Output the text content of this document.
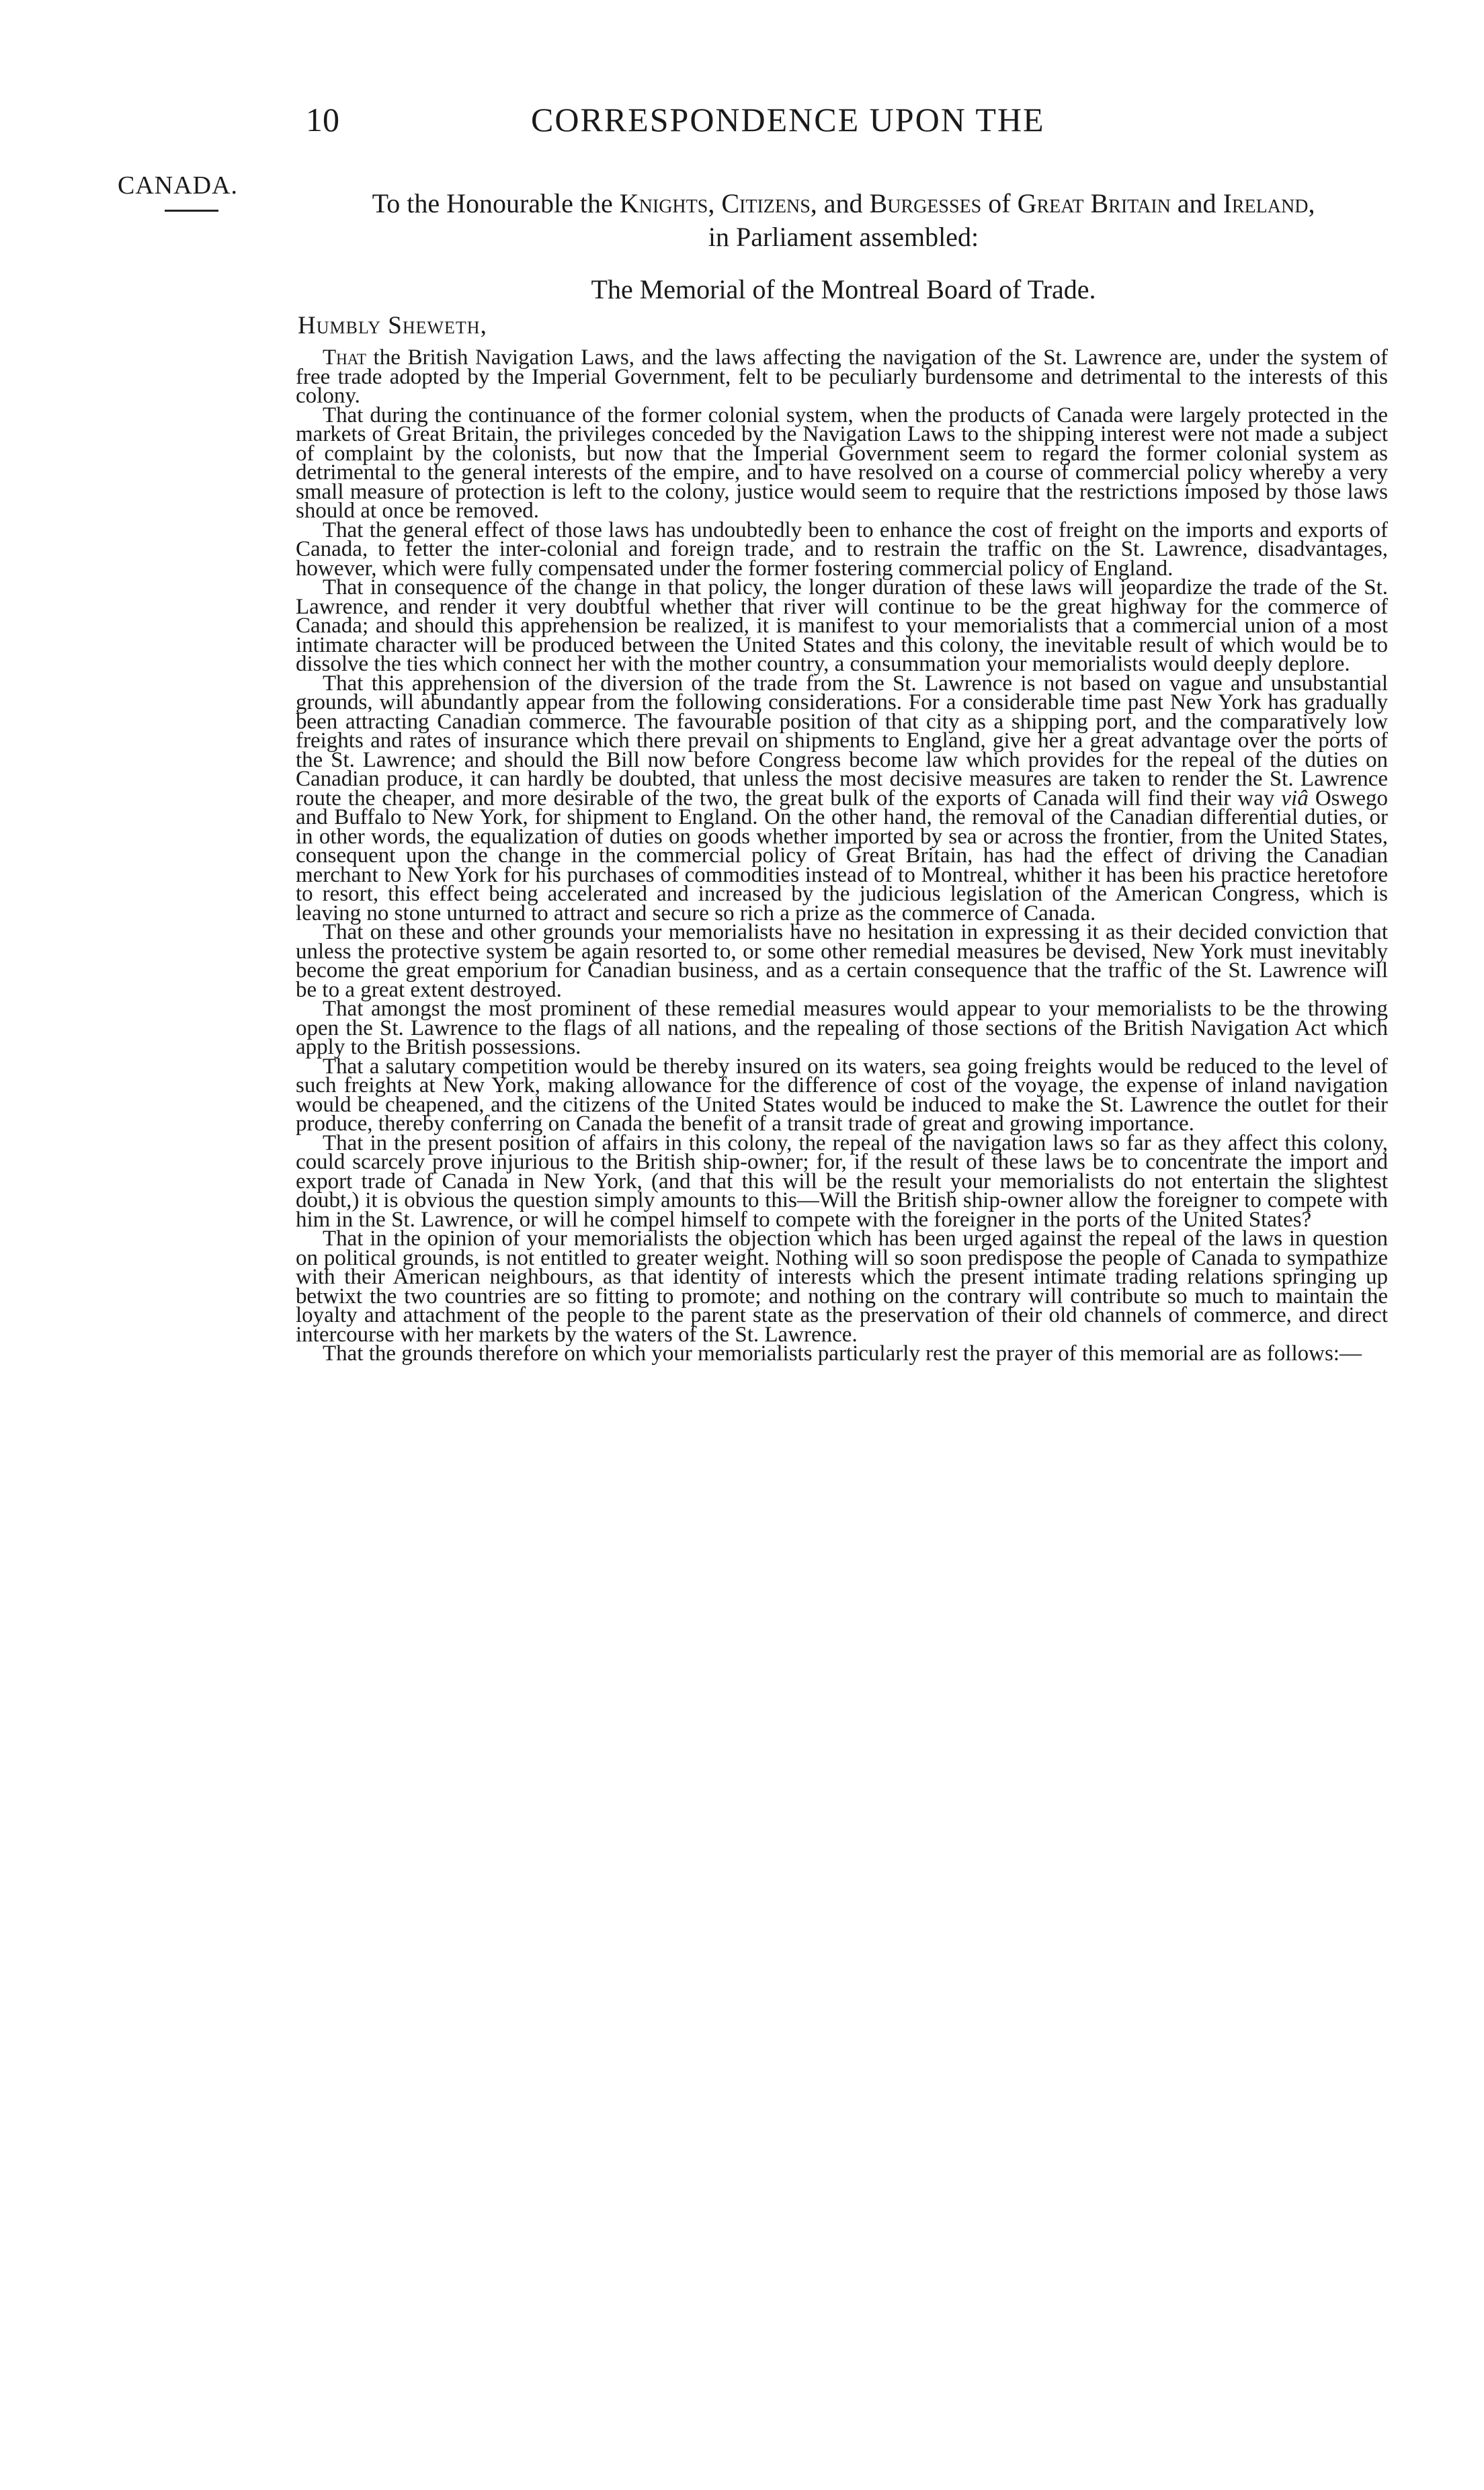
10	CORRESPONDENCE UPON THE
CANADA.
To the Honourable the Knights, Citizens, and Burgesses of Great Britain and Ireland,
in Parliament assembled:
The Memorial of the Montreal Board of Trade.
Humbly Sheweth,

That the British Navigation Laws, and the laws affecting the navigation of the St. Lawrence are, under the system of free trade adopted by the Imperial Government, felt to be peculiarly burdensome and detrimental to the interests of this colony.

That during the continuance of the former colonial system, when the products of Canada were largely protected in the markets of Great Britain, the privileges conceded by the Navigation Laws to the shipping interest were not made a subject of complaint by the colonists, but now that the Imperial Government seem to regard the former colonial system as detrimental to the general interests of the empire, and to have resolved on a course of commercial policy whereby a very small measure of protection is left to the colony, justice would seem to require that the restrictions imposed by those laws should at once be removed.

That the general effect of those laws has undoubtedly been to enhance the cost of freight on the imports and exports of Canada, to fetter the inter-colonial and foreign trade, and to restrain the traffic on the St. Lawrence, disadvantages, however, which were fully compensated under the former fostering commercial policy of England.

That in consequence of the change in that policy, the longer duration of these laws will jeopardize the trade of the St. Lawrence, and render it very doubtful whether that river will continue to be the great highway for the commerce of Canada; and should this apprehension be realized, it is manifest to your memorialists that a commercial union of a most intimate character will be produced between the United States and this colony, the inevitable result of which would be to dissolve the ties which connect her with the mother country, a consummation your memorialists would deeply deplore.

That this apprehension of the diversion of the trade from the St. Lawrence is not based on vague and unsubstantial grounds, will abundantly appear from the following considerations. For a considerable time past New York has gradually been attracting Canadian commerce. The favourable position of that city as a shipping port, and the comparatively low freights and rates of insurance which there prevail on shipments to England, give her a great advantage over the ports of the St. Lawrence; and should the Bill now before Congress become law which provides for the repeal of the duties on Canadian produce, it can hardly be doubted, that unless the most decisive measures are taken to render the St. Lawrence route the cheaper, and more desirable of the two, the great bulk of the exports of Canada will find their way viâ Oswego and Buffalo to New York, for shipment to England. On the other hand, the removal of the Canadian differential duties, or in other words, the equalization of duties on goods whether imported by sea or across the frontier, from the United States, consequent upon the change in the commercial policy of Great Britain, has had the effect of driving the Canadian merchant to New York for his purchases of commodities instead of to Montreal, whither it has been his practice heretofore to resort, this effect being accelerated and increased by the judicious legislation of the American Congress, which is leaving no stone unturned to attract and secure so rich a prize as the commerce of Canada.

That on these and other grounds your memorialists have no hesitation in expressing it as their decided conviction that unless the protective system be again resorted to, or some other remedial measures be devised, New York must inevitably become the great emporium for Canadian business, and as a certain consequence that the traffic of the St. Lawrence will be to a great extent destroyed.

That amongst the most prominent of these remedial measures would appear to your memorialists to be the throwing open the St. Lawrence to the flags of all nations, and the repealing of those sections of the British Navigation Act which apply to the British possessions.

That a salutary competition would be thereby insured on its waters, sea going freights would be reduced to the level of such freights at New York, making allowance for the difference of cost of the voyage, the expense of inland navigation would be cheapened, and the citizens of the United States would be induced to make the St. Lawrence the outlet for their produce, thereby conferring on Canada the benefit of a transit trade of great and growing importance.

That in the present position of affairs in this colony, the repeal of the navigation laws so far as they affect this colony, could scarcely prove injurious to the British ship-owner; for, if the result of these laws be to concentrate the import and export trade of Canada in New York, (and that this will be the result your memorialists do not entertain the slightest doubt,) it is obvious the question simply amounts to this—Will the British ship-owner allow the foreigner to compete with him in the St. Lawrence, or will he compel himself to compete with the foreigner in the ports of the United States?

That in the opinion of your memorialists the objection which has been urged against the repeal of the laws in question on political grounds, is not entitled to greater weight. Nothing will so soon predispose the people of Canada to sympathize with their American neighbours, as that identity of interests which the present intimate trading relations springing up betwixt the two countries are so fitting to promote; and nothing on the contrary will contribute so much to maintain the loyalty and attachment of the people to the parent state as the preservation of their old channels of commerce, and direct intercourse with her markets by the waters of the St. Lawrence.

That the grounds therefore on which your memorialists particularly rest the prayer of this memorial are as follows:—
